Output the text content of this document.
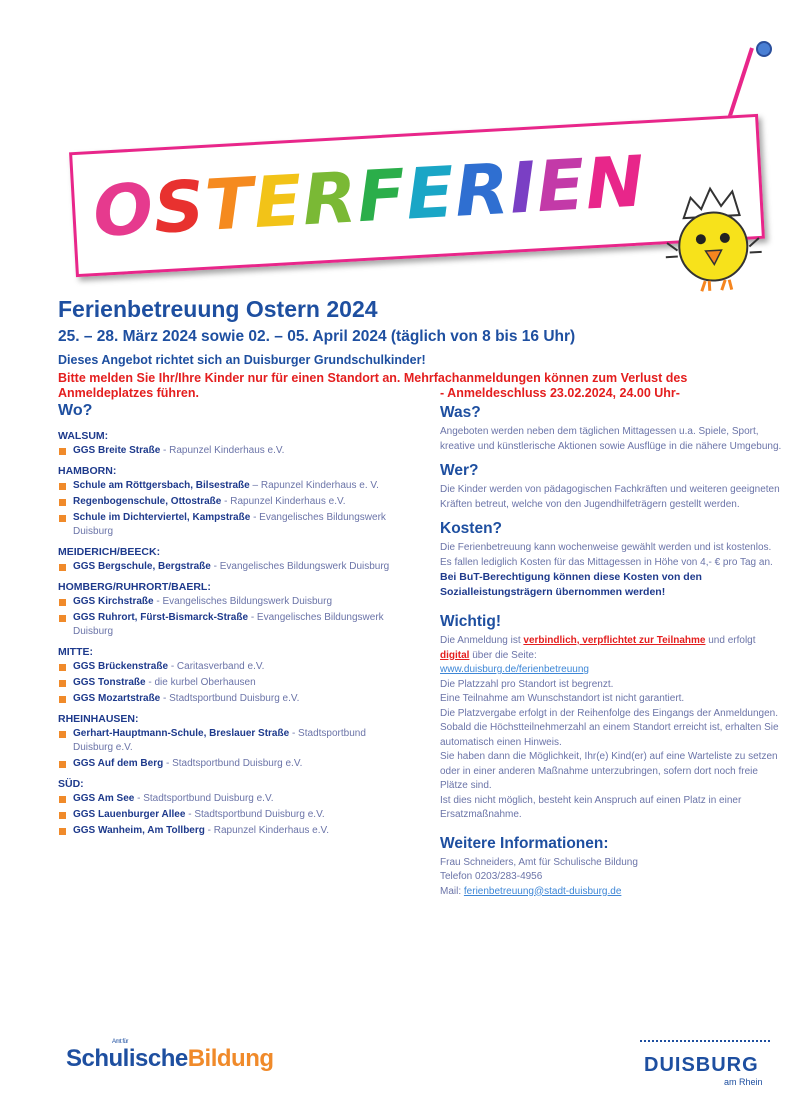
OSTERFERIEN
Ferienbetreuung Ostern 2024
25. – 28. März 2024 sowie 02. – 05. April 2024 (täglich von 8 bis 16 Uhr)
Dieses Angebot richtet sich an Duisburger Grundschulkinder!
Bitte melden Sie Ihr/Ihre Kinder nur für einen Standort an. Mehrfachanmeldungen können zum Verlust des Anmeldeplatzes führen.	- Anmeldeschluss 23.02.2024, 24.00 Uhr-
Wo?
WALSUM:
GGS Breite Straße - Rapunzel Kinderhaus e.V.
HAMBORN:
Schule am Röttgersbach, Bilsestraße – Rapunzel Kinderhaus e. V.
Regenbogenschule, Ottostraße - Rapunzel Kinderhaus e.V.
Schule im Dichterviertel, Kampstraße - Evangelisches Bildungswerk Duisburg
MEIDERICH/BEECK:
GGS Bergschule, Bergstraße - Evangelisches Bildungswerk Duisburg
HOMBERG/RUHRORT/BAERL:
GGS Kirchstraße - Evangelisches Bildungswerk Duisburg
GGS Ruhrort, Fürst-Bismarck-Straße - Evangelisches Bildungswerk Duisburg
MITTE:
GGS Brückenstraße - Caritasverband e.V.
GGS Tonstraße - die kurbel Oberhausen
GGS Mozartstraße - Stadtsportbund Duisburg e.V.
RHEINHAUSEN:
Gerhart-Hauptmann-Schule, Breslauer Straße - Stadtsportbund Duisburg e.V.
GGS Auf dem Berg - Stadtsportbund Duisburg e.V.
SÜD:
GGS Am See - Stadtsportbund Duisburg e.V.
GGS Lauenburger Allee - Stadtsportbund Duisburg e.V.
GGS Wanheim, Am Tollberg - Rapunzel Kinderhaus e.V.
Was?
Angeboten werden neben dem täglichen Mittagessen u.a. Spiele, Sport, kreative und künstlerische Aktionen sowie Ausflüge in die nähere Umgebung.
Wer?
Die Kinder werden von pädagogischen Fachkräften und weiteren geeigneten Kräften betreut, welche von den Jugendhilfeträgern gestellt werden.
Kosten?
Die Ferienbetreuung kann wochenweise gewählt werden und ist kostenlos. Es fallen lediglich Kosten für das Mittagessen in Höhe von 4,- € pro Tag an.
Bei BuT-Berechtigung können diese Kosten von den Sozialleistungsträgern übernommen werden!
Wichtig!
Die Anmeldung ist verbindlich, verpflichtet zur Teilnahme und erfolgt digital über die Seite:
www.duisburg.de/ferienbetreuung
Die Platzzahl pro Standort ist begrenzt.
Eine Teilnahme am Wunschstandort ist nicht garantiert.
Die Platzvergabe erfolgt in der Reihenfolge des Eingangs der Anmeldungen.
Sobald die Höchstteilnehmerzahl an einem Standort erreicht ist, erhalten Sie automatisch einen Hinweis.
Sie haben dann die Möglichkeit, Ihr(e) Kind(er) auf eine Warteliste zu setzen oder in einer anderen Maßnahme unterzubringen, sofern dort noch freie Plätze sind.
Ist dies nicht möglich, besteht kein Anspruch auf einen Platz in einer Ersatzmaßnahme.
Weitere Informationen:
Frau Schneiders, Amt für Schulische Bildung
Telefon 0203/283-4956
Mail: ferienbetreuung@stadt-duisburg.de
Amt für
SchulischeBildung	DUISBURG
am Rhein
